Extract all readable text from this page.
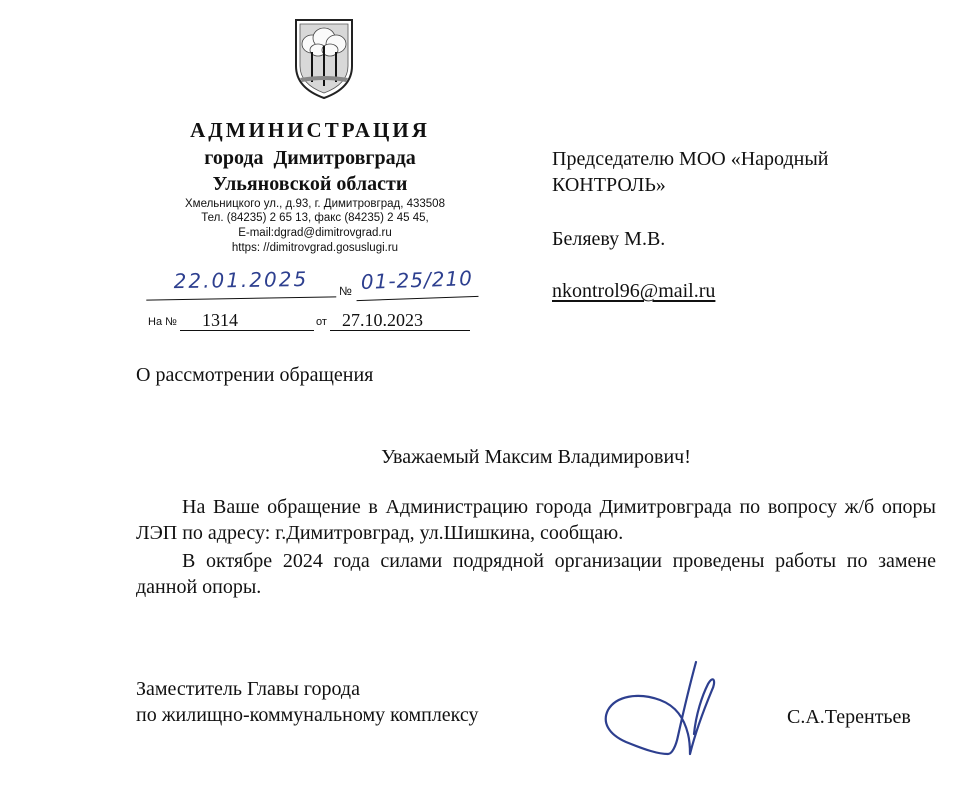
АДМИНИСТРАЦИЯ
города  Димитровграда
Ульяновской области
Хмельницкого ул., д.93, г. Димитровград, 433508
Тел. (84235) 2 65 13, факс (84235) 2 45 45,
E-mail:dgrad@dimitrovgrad.ru
https: //dimitrovgrad.gosuslugi.ru
22.01.2025	№ 01-25/210
На №	1314	от 27.10.2023
Председателю МОО «Народный
КОНТРОЛЬ»
Беляеву М.В.
nkontrol96@mail.ru
О рассмотрении обращения
Уважаемый Максим Владимирович!
На Ваше обращение в Администрацию города Димитровграда по вопросу ж/б опоры ЛЭП по адресу: г.Димитровград, ул.Шишкина, сообщаю.
В октябре 2024 года силами подрядной организации проведены работы по замене данной опоры.
Заместитель Главы города
по жилищно-коммунальному комплексу	С.А.Терентьев
